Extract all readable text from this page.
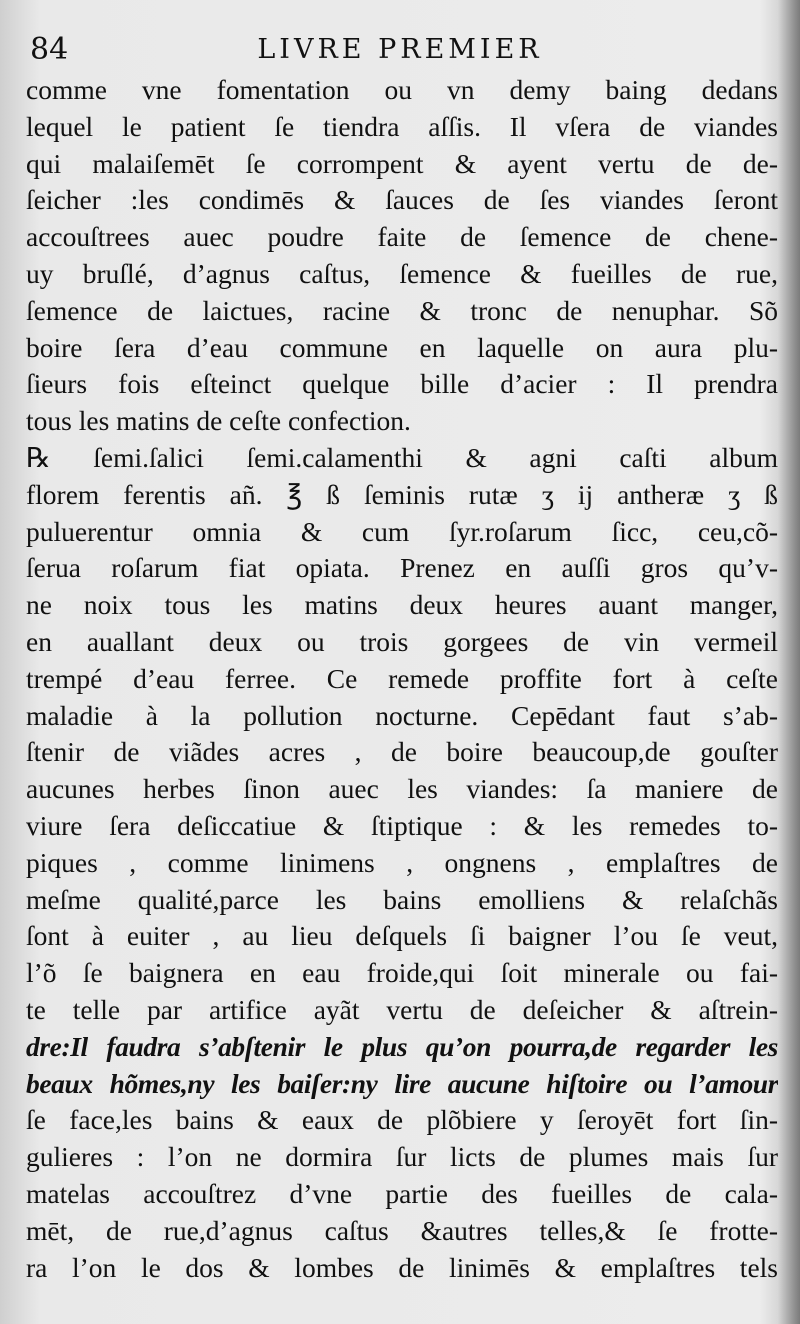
84	LIVRE PREMIER
comme vne fomentation ou vn demy baing dedans
lequel le patient ſe tiendra aſſis. Il vſera de viandes
qui malaiſemēt ſe corrompent & ayent vertu de de-
ſeicher :les condimēs & ſauces de ſes viandes ſeront
accouſtrees auec poudre faite de ſemence de chene-
uy bruſlé, d’agnus caſtus, ſemence & fueilles de rue,
ſemence de laictues, racine & tronc de nenuphar. Sõ
boire ſera d’eau commune en laquelle on aura plu-
ſieurs fois eſteinct quelque bille d’acier : Il prendra
tous les matins de ceſte confection.
℞ ſemi.ſalici ſemi.calamenthi & agni caſti album
florem ferentis añ. ℥ ß ſeminis rutæ ʒ ij antheræ ʒ ß
puluerentur omnia & cum ſyr.roſarum ſicc, ceu,cõ-
ſerua roſarum fiat opiata. Prenez en auſſi gros qu’v-
ne noix tous les matins deux heures auant manger,
en auallant deux ou trois gorgees de vin vermeil
trempé d’eau ferree. Ce remede proffite fort à ceſte
maladie à la pollution nocturne. Cepēdant faut s’ab-
ſtenir de viãdes acres , de boire beaucoup,de gouſter
aucunes herbes ſinon auec les viandes: ſa maniere de
viure ſera deſiccatiue & ſtiptique : & les remedes to-
piques , comme linimens , ongnens , emplaſtres de
meſme qualité,parce les bains emolliens & relaſchãs
ſont à euiter , au lieu deſquels ſi baigner l’ou ſe veut,
l’õ ſe baignera en eau froide,qui ſoit minerale ou fai-
te telle par artifice ayãt vertu de deſeicher & aſtrein-
dre:Il faudra s’abſtenir le plus qu’on pourra,de regarder les
beaux hõmes,ny les baiſer:ny lire aucune hiſtoire ou l’amour
ſe face,les bains & eaux de plõbiere y ſeroyēt fort ſin-
gulieres : l’on ne dormira ſur licts de plumes mais ſur
matelas accouſtrez d’vne partie des fueilles de cala-
mēt, de rue,d’agnus caſtus &autres telles,& ſe frotte-
ra l’on le dos & lombes de linimēs & emplaſtres tels
